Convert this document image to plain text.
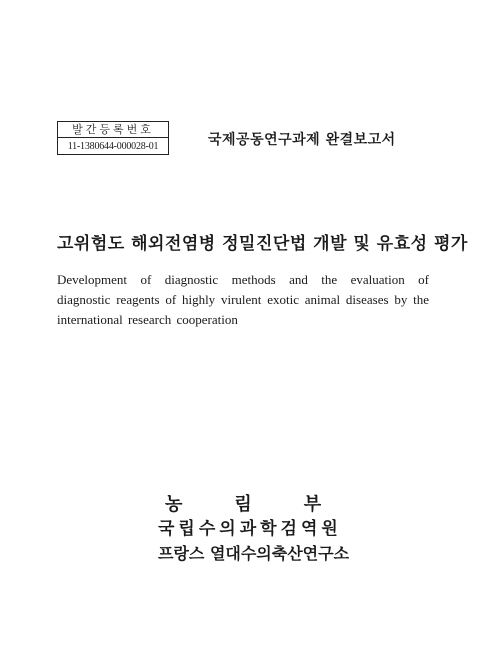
발간등록번호
11-1380644-000028-01	국제공동연구과제 완결보고서
고위험도 해외전염병 정밀진단법 개발 및 유효성 평가
Development of diagnostic methods and the evaluation of diagnostic reagents of highly virulent exotic animal diseases by the international research cooperation
농림부
국립수의과학검역원
프랑스 열대수의축산연구소
